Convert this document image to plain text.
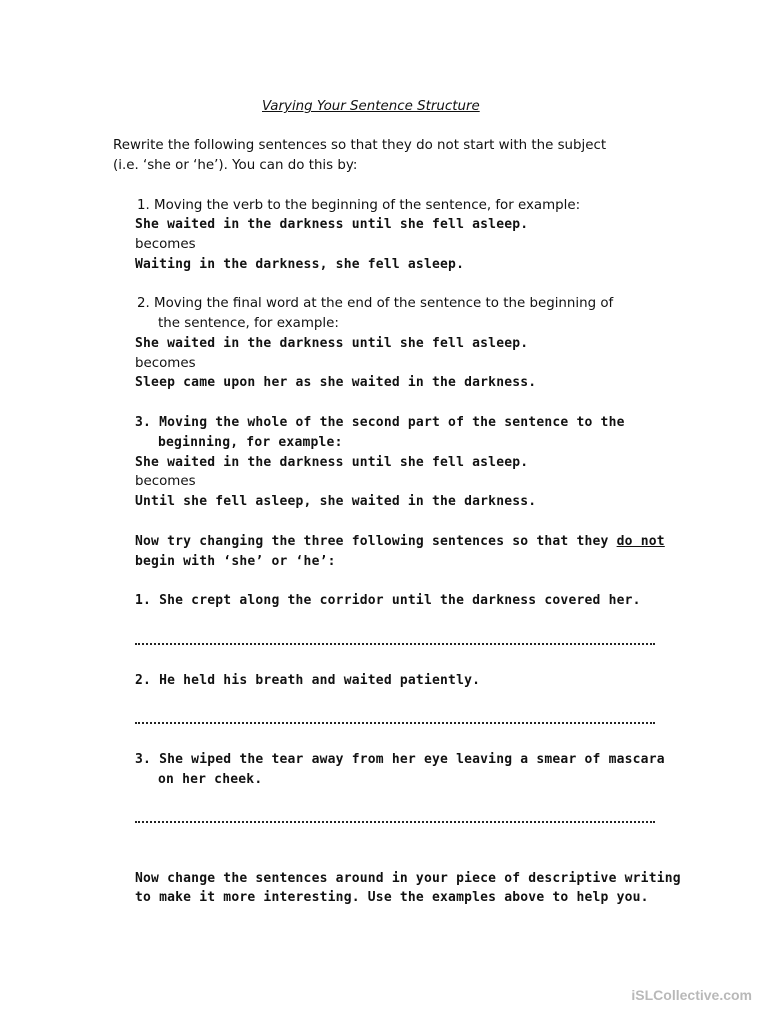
Varying Your Sentence Structure
Rewrite the following sentences so that they do not start with the subject
(i.e. ‘she or ‘he’). You can do this by:
1. Moving the verb to the beginning of the sentence, for example:
She waited in the darkness until she fell asleep.
becomes
Waiting in the darkness, she fell asleep.
2. Moving the final word at the end of the sentence to the beginning of
the sentence, for example:
She waited in the darkness until she fell asleep.
becomes
Sleep came upon her as she waited in the darkness.
3. Moving the whole of the second part of the sentence to the
beginning, for example:
She waited in the darkness until she fell asleep.
becomes
Until she fell asleep, she waited in the darkness.
Now try changing the three following sentences so that they do not
begin with ‘she’ or ‘he’:
1. She crept along the corridor until the darkness covered her.
2. He held his breath and waited patiently.
3. She wiped the tear away from her eye leaving a smear of mascara
on her cheek.
Now change the sentences around in your piece of descriptive writing
to make it more interesting. Use the examples above to help you.
iSLCollective.com
